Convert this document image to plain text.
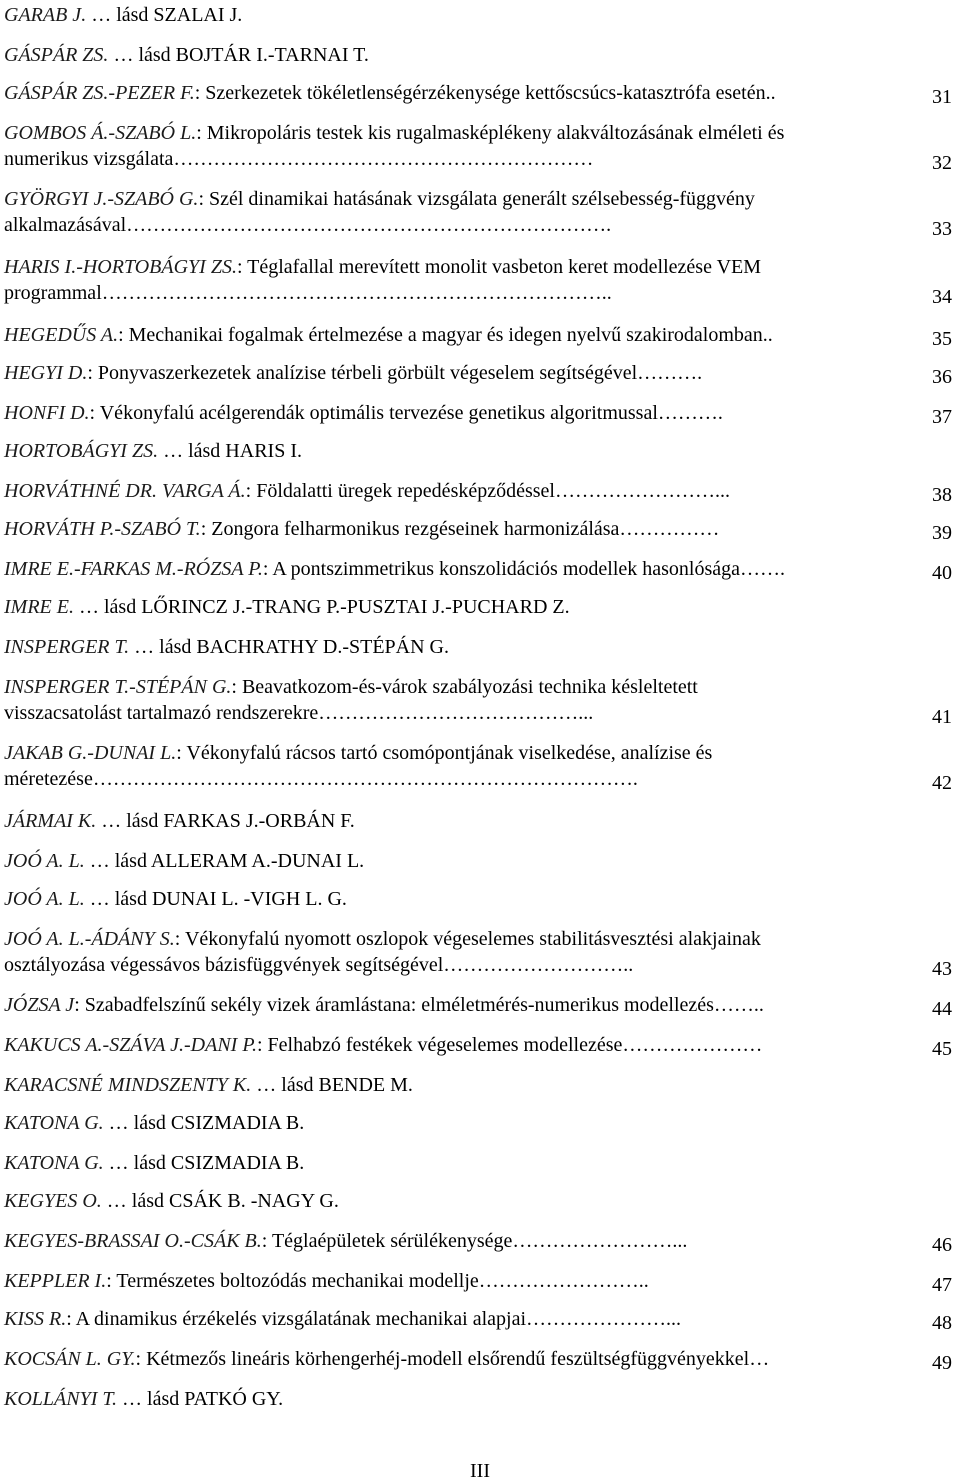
GARAB J. … lásd SZALAI J.
GÁSPÁR ZS. … lásd BOJTÁR I.-TARNAI T.
GÁSPÁR ZS.-PEZER F.: Szerkezetek tökéletlenségérzékenysége kettőscsúcs-katasztrófa esetén..	31
GOMBOS Á.-SZABÓ L.: Mikropoláris testek kis rugalmasképlékeny alakváltozásának elméleti és
numerikus vizsgálata………………………………………………………	32
GYÖRGYI J.-SZABÓ G.: Szél dinamikai hatásának vizsgálata generált szélsebesség-függvény
alkalmazásával……………………………………………………………….	33
HARIS I.-HORTOBÁGYI ZS.: Téglafallal merevített monolit vasbeton keret modellezése VEM
programmal…………………………………………………………………..	34
HEGEDŰS A.: Mechanikai fogalmak értelmezése a magyar és idegen nyelvű szakirodalomban..	35
HEGYI D.: Ponyvaszerkezetek analízise térbeli görbült végeselem segítségével……….	36
HONFI D.: Vékonyfalú acélgerendák optimális tervezése genetikus algoritmussal……….	37
HORTOBÁGYI ZS. … lásd HARIS I.
HORVÁTHNÉ DR. VARGA Á.: Földalatti üregek repedésképződéssel……………………...	38
HORVÁTH P.-SZABÓ T.: Zongora felharmonikus rezgéseinek harmonizálása……………	39
IMRE E.-FARKAS M.-RÓZSA P.: A pontszimmetrikus konszolidációs modellek hasonlósága…….	40
IMRE E. … lásd LŐRINCZ J.-TRANG P.-PUSZTAI J.-PUCHARD Z.
INSPERGER T. … lásd BACHRATHY D.-STÉPÁN G.
INSPERGER T.-STÉPÁN G.: Beavatkozom-és-várok szabályozási technika késleltetett
visszacsatolást tartalmazó rendszerekre…………………………………...	41
JAKAB G.-DUNAI L.: Vékonyfalú rácsos tartó csomópontjának viselkedése, analízise és
méretezése……………………………………………………………………….	42
JÁRMAI K. … lásd FARKAS J.-ORBÁN F.
JOÓ A. L. … lásd ALLERAM A.-DUNAI L.
JOÓ A. L. … lásd DUNAI L. -VIGH L. G.
JOÓ A. L.-ÁDÁNY S.: Vékonyfalú nyomott oszlopok végeselemes stabilitásvesztési alakjainak
osztályozása végessávos bázisfüggvények segítségével………………………..	43
JÓZSA J: Szabadfelszínű sekély vizek áramlástana: elméletmérés-numerikus modellezés……..	44
KAKUCS A.-SZÁVA J.-DANI P.: Felhabzó festékek végeselemes modellezése…………………	45
KARACSNÉ MINDSZENTY K. … lásd BENDE M.
KATONA G. … lásd CSIZMADIA B.
KATONA G. … lásd CSIZMADIA B.
KEGYES O. … lásd CSÁK B. -NAGY G.
KEGYES-BRASSAI O.-CSÁK B.: Téglaépületek sérülékenysége……………………...	46
KEPPLER I.: Természetes boltozódás mechanikai modellje……………………..	47
KISS R.: A dinamikus érzékelés vizsgálatának mechanikai alapjai…………………...	48
KOCSÁN L. GY.: Kétmezős lineáris körhengerhéj-modell elsőrendű feszültségfüggvényekkel…	49
KOLLÁNYI T. … lásd PATKÓ GY.
III
